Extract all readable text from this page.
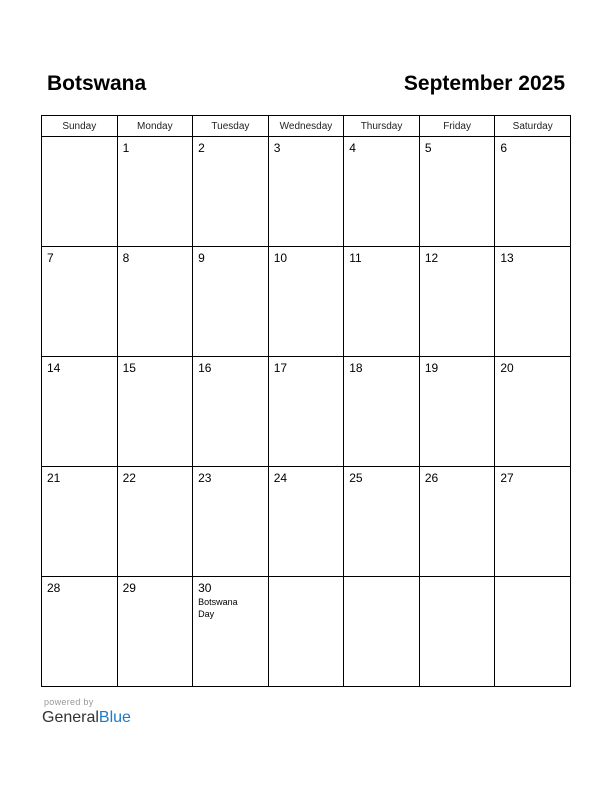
Botswana	September 2025
Sunday	Monday	Tuesday	Wednesday	Thursday	Friday	Saturday

	1	2	3	4	5	6

7	8	9	10	11	12	13

14	15	16	17	18	19	20

21	22	23	24	25	26	27

28	29	30
Botswana Day				

powered by
GeneralBlue
